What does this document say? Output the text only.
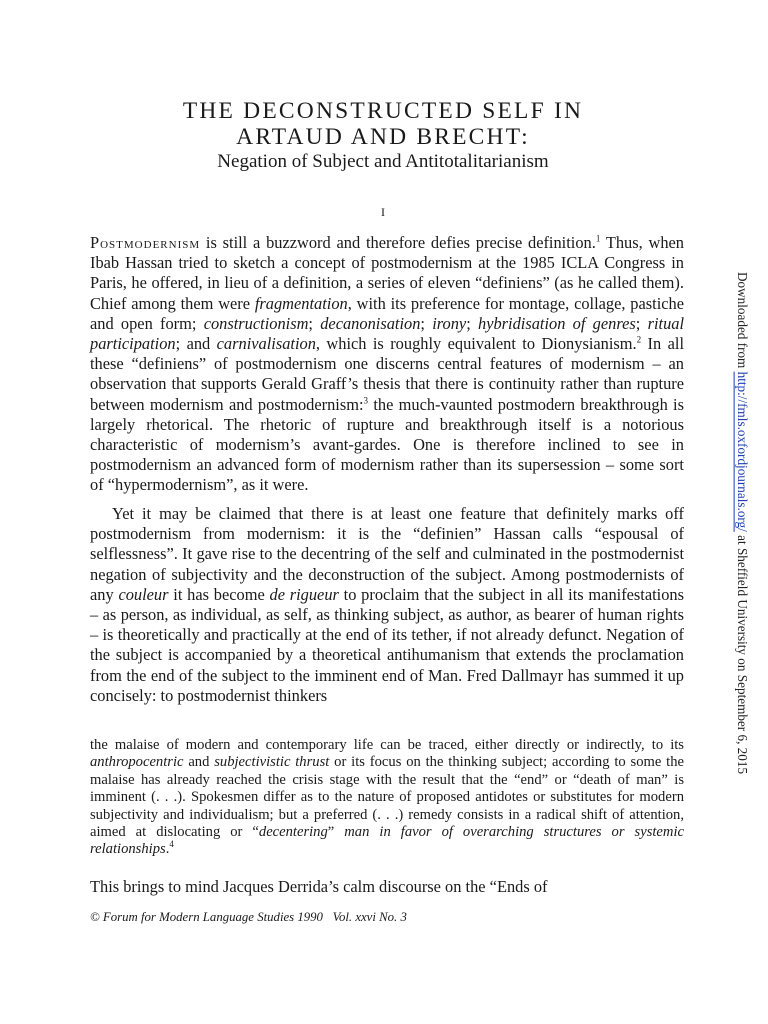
THE DECONSTRUCTED SELF IN
ARTAUD AND BRECHT:
Negation of Subject and Antitotalitarianism
I
Postmodernism is still a buzzword and therefore defies precise definition.$^1$ Thus, when Ibab Hassan tried to sketch a concept of postmodernism at the 1985 ICLA Congress in Paris, he offered, in lieu of a definition, a series of eleven “definiens” (as he called them). Chief among them were fragmentation, with its preference for montage, collage, pastiche and open form; constructionism; decanonisation; irony; hybridisation of genres; ritual participation; and carnivalisation, which is roughly equivalent to Dionysianism.$^2$ In all these “definiens” of postmodernism one discerns central features of modernism – an observation that supports Gerald Graff’s thesis that there is continuity rather than rupture between modernism and postmodernism:$^3$ the much-vaunted postmodern breakthrough is largely rhetorical. The rhetoric of rupture and breakthrough itself is a notorious characteristic of modernism’s avant-gardes. One is therefore inclined to see in postmodernism an advanced form of modernism rather than its supersession – some sort of “hypermodernism”, as it were.
Yet it may be claimed that there is at least one feature that definitely marks off postmodernism from modernism: it is the “definien” Hassan calls “espousal of selflessness”. It gave rise to the decentring of the self and culminated in the postmodernist negation of subjectivity and the deconstruction of the subject. Among postmodernists of any couleur it has become de rigueur to proclaim that the subject in all its manifestations – as person, as individual, as self, as thinking subject, as author, as bearer of human rights – is theoretically and practically at the end of its tether, if not already defunct. Negation of the subject is accompanied by a theoretical antihumanism that extends the proclamation from the end of the subject to the imminent end of Man. Fred Dallmayr has summed it up concisely: to postmodernist thinkers
the malaise of modern and contemporary life can be traced, either directly or indirectly, to its anthropocentric and subjectivistic thrust or its focus on the thinking subject; according to some the malaise has already reached the crisis stage with the result that the “end” or “death of man” is imminent (. . .). Spokesmen differ as to the nature of proposed antidotes or substitutes for modern subjectivity and individualism; but a preferred (. . .) remedy consists in a radical shift of attention, aimed at dislocating or “decentering” man in favor of overarching structures or systemic relationships.$^4$
This brings to mind Jacques Derrida’s calm discourse on the “Ends of
© Forum for Modern Language Studies 1990 Vol. xxvi No. 3
Downloaded from http://fmls.oxfordjournals.org/ at Sheffield University on September 6, 2015
